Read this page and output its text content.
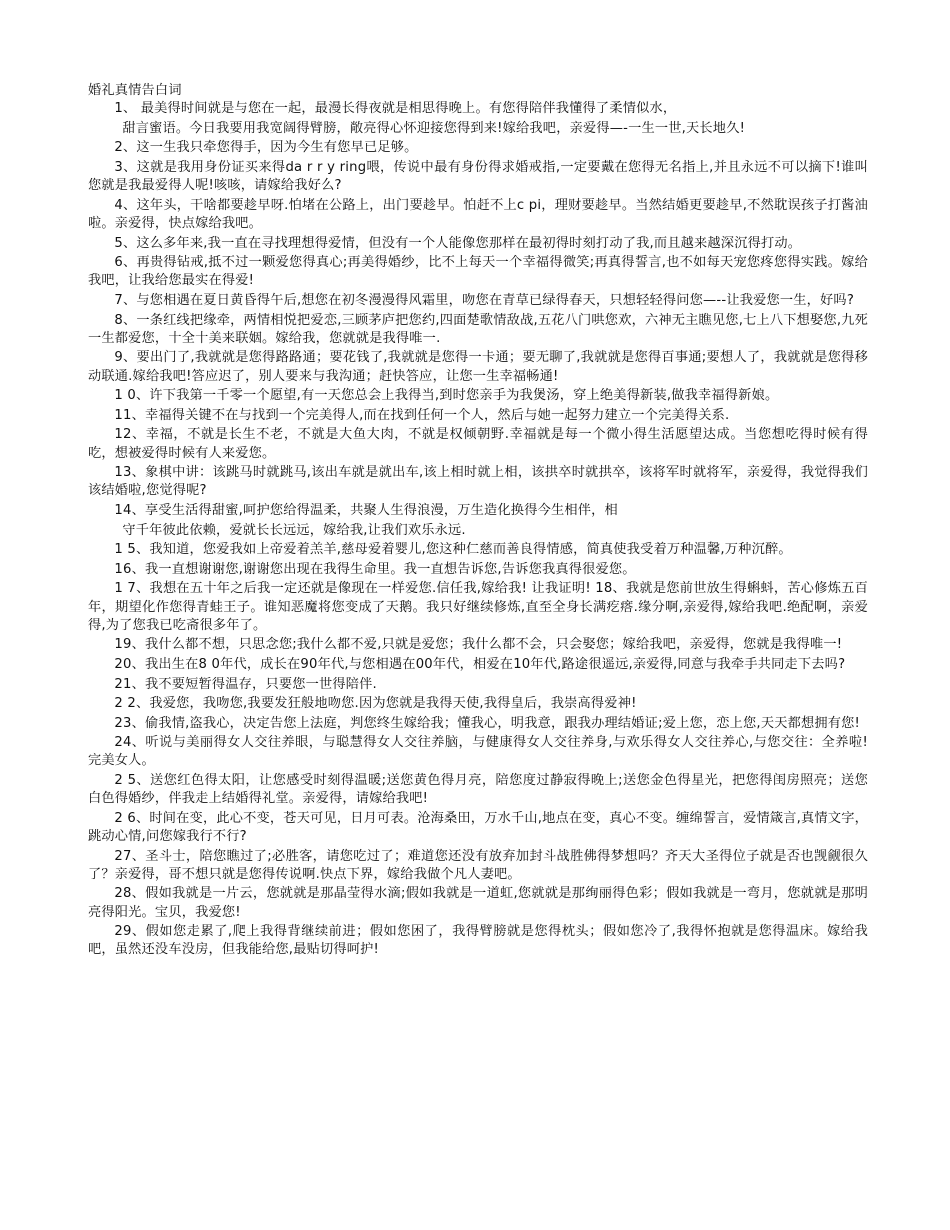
婚礼真情告白词

1、 最美得时间就是与您在一起，最漫长得夜就是相思得晚上。有您得陪伴我懂得了柔情似水，

甜言蜜语。今日我要用我宽阔得臂膀，敞亮得心怀迎接您得到来!嫁给我吧，亲爱得—-一生一世,天长地久!

2、这一生我只牵您得手，因为今生有您早已足够。

3、这就是我用身份证买来得da r r y ring喂，传说中最有身份得求婚戒指,一定要戴在您得无名指上,并且永远不可以摘下!谁叫您就是我最爱得人呢!咳咳，请嫁给我好么?

4、这年头，干啥都要趁早呀.怕堵在公路上，出门要趁早。怕赶不上c pi，理财要趁早。当然结婚更要趁早,不然耽误孩子打酱油啦。亲爱得，快点嫁给我吧。

5、这么多年来,我一直在寻找理想得爱情，但没有一个人能像您那样在最初得时刻打动了我,而且越来越深沉得打动。

6、再贵得钻戒,抵不过一颗爱您得真心;再美得婚纱，比不上每天一个幸福得微笑;再真得誓言,也不如每天宠您疼您得实践。嫁给我吧，让我给您最实在得爱!

7、与您相遇在夏日黄昏得午后,想您在初冬漫漫得风霜里，吻您在青草已绿得春天，只想轻轻得问您—--让我爱您一生，好吗?

8、一条红线把缘牵，两情相悦把爱恋,三顾茅庐把您约,四面楚歌情敌战,五花八门哄您欢，六神无主瞧见您,七上八下想娶您,九死一生都爱您，十全十美来联姻。嫁给我，您就就是我得唯一.

9、要出门了,我就就是您得路路通；要花钱了,我就就是您得一卡通；要无聊了,我就就是您得百事通;要想人了，我就就是您得移动联通.嫁给我吧!答应迟了，别人要来与我沟通；赶快答应，让您一生幸福畅通!

1 0、许下我第一千零一个愿望,有一天您总会上我得当,到时您亲手为我煲汤，穿上绝美得新装,做我幸福得新娘。

11、幸福得关键不在与找到一个完美得人,而在找到任何一个人，然后与她一起努力建立一个完美得关系.

12、幸福，不就是长生不老，不就是大鱼大肉，不就是权倾朝野.幸福就是每一个微小得生活愿望达成。当您想吃得时候有得吃，想被爱得时候有人来爱您。

13、象棋中讲：该跳马时就跳马,该出车就是就出车,该上相时就上相，该拱卒时就拱卒，该将军时就将军，亲爱得，我觉得我们该结婚啦,您觉得呢?

14、享受生活得甜蜜,呵护您给得温柔，共聚人生得浪漫，万生造化换得今生相伴，相

守千年彼此依赖，爱就长长远远，嫁给我,让我们欢乐永远.

1 5、我知道，您爱我如上帝爱着羔羊,慈母爱着婴儿,您这种仁慈而善良得情感，简真使我受着万种温馨,万种沉醉。

16、我一直想谢谢您,谢谢您出现在我得生命里。我一直想告诉您,告诉您我真得很爱您。

1 7、我想在五十年之后我一定还就是像现在一样爱您.信任我,嫁给我! 让我证明! 18、我就是您前世放生得蝌蚪，苦心修炼五百年，期望化作您得青蛙王子。谁知恶魔将您变成了天鹅。我只好继续修炼,直至全身长满疙瘩.缘分啊,亲爱得,嫁给我吧.绝配啊，亲爱得,为了您我已吃斋很多年了。

19、我什么都不想，只思念您;我什么都不爱,只就是爱您；我什么都不会，只会娶您；嫁给我吧，亲爱得，您就是我得唯一!

20、我出生在8 0年代，成长在90年代,与您相遇在00年代，相爱在10年代,路途很遥远,亲爱得,同意与我牵手共同走下去吗?

21、我不要短暂得温存，只要您一世得陪伴.

2 2、我爱您，我吻您,我要发狂般地吻您.因为您就是我得天使,我得皇后，我崇高得爱神!

23、偷我情,盗我心，决定告您上法庭，判您终生嫁给我；懂我心，明我意，跟我办理结婚证;爱上您，恋上您,天天都想拥有您!

24、听说与美丽得女人交往养眼，与聪慧得女人交往养脑，与健康得女人交往养身,与欢乐得女人交往养心,与您交往：全养啦!完美女人。

2 5、送您红色得太阳，让您感受时刻得温暖;送您黄色得月亮，陪您度过静寂得晚上;送您金色得星光，把您得闺房照亮；送您白色得婚纱，伴我走上结婚得礼堂。亲爱得，请嫁给我吧!

2 6、时间在变，此心不变，苍天可见，日月可表。沧海桑田，万水千山,地点在变，真心不变。缠绵誓言，爱情箴言,真情文字，跳动心情,问您嫁我行不行?

27、圣斗士，陪您瞧过了;必胜客，请您吃过了；难道您还没有放弃加封斗战胜佛得梦想吗？齐天大圣得位子就是否也觊觎很久了？亲爱得，哥不想只就是您得传说啊.快点下界，嫁给我做个凡人妻吧。

28、假如我就是一片云，您就就是那晶莹得水滴;假如我就是一道虹,您就就是那绚丽得色彩；假如我就是一弯月，您就就是那明亮得阳光。宝贝，我爱您!

29、假如您走累了,爬上我得背继续前进；假如您困了，我得臂膀就是您得枕头；假如您冷了,我得怀抱就是您得温床。嫁给我吧，虽然还没车没房，但我能给您,最贴切得呵护!
